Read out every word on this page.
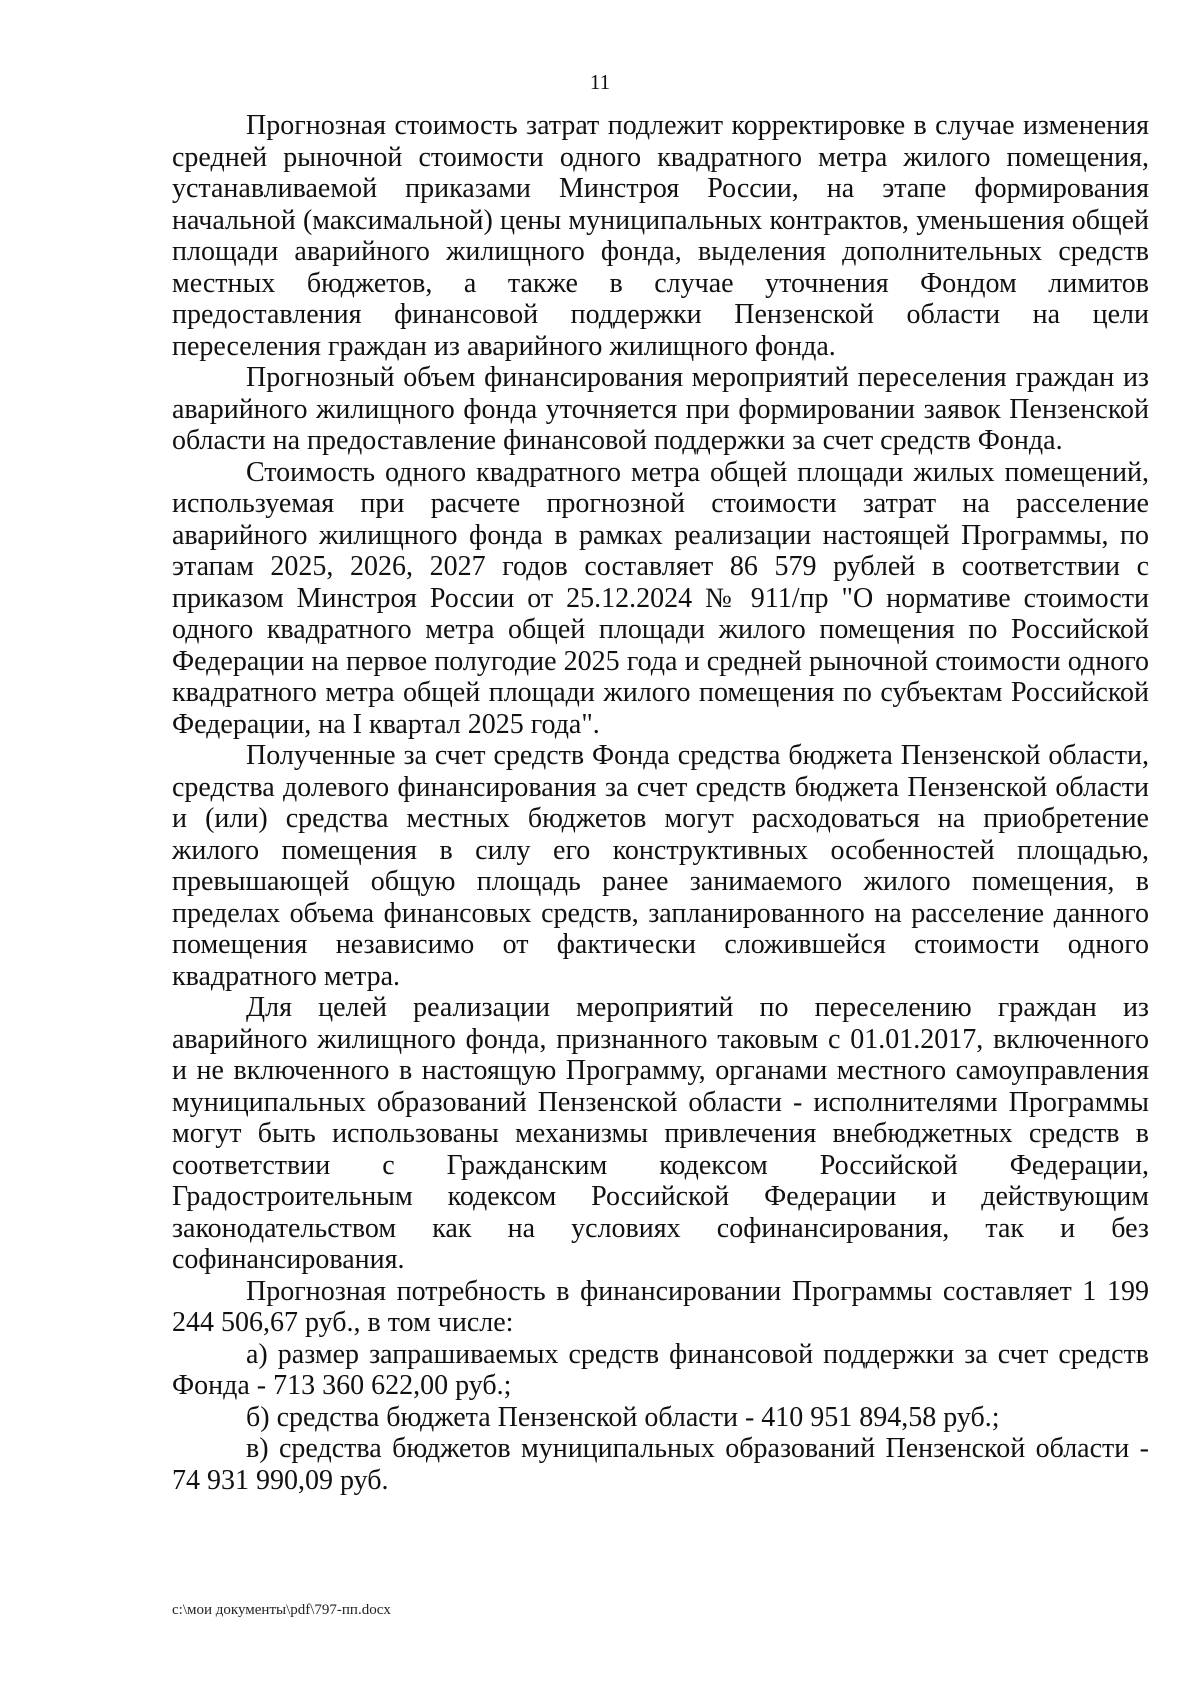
11

Прогнозная стоимость затрат подлежит корректировке в случае изменения средней рыночной стоимости одного квадратного метра жилого помещения, устанавливаемой приказами Минстроя России, на этапе формирования начальной (максимальной) цены муниципальных контрактов, уменьшения общей площади аварийного жилищного фонда, выделения дополнительных средств местных бюджетов, а также в случае уточнения Фондом лимитов предоставления финансовой поддержки Пензенской области на цели переселения граждан из аварийного жилищного фонда.

Прогнозный объем финансирования мероприятий переселения граждан из аварийного жилищного фонда уточняется при формировании заявок Пензенской области на предоставление финансовой поддержки за счет средств Фонда.

Стоимость одного квадратного метра общей площади жилых помещений, используемая при расчете прогнозной стоимости затрат на расселение аварийного жилищного фонда в рамках реализации настоящей Программы, по этапам 2025, 2026, 2027 годов составляет 86 579 рублей в соответствии с приказом Минстроя России от 25.12.2024 № 911/пр "О нормативе стоимости одного квадратного метра общей площади жилого помещения по Российской Федерации на первое полугодие 2025 года и средней рыночной стоимости одного квадратного метра общей площади жилого помещения по субъектам Российской Федерации, на I квартал 2025 года".

Полученные за счет средств Фонда средства бюджета Пензенской области, средства долевого финансирования за счет средств бюджета Пензенской области и (или) средства местных бюджетов могут расходоваться на приобретение жилого помещения в силу его конструктивных особенностей площадью, превышающей общую площадь ранее занимаемого жилого помещения, в пределах объема финансовых средств, запланированного на расселение данного помещения независимо от фактически сложившейся стоимости одного квадратного метра.

Для целей реализации мероприятий по переселению граждан из аварийного жилищного фонда, признанного таковым с 01.01.2017, включенного и не включенного в настоящую Программу, органами местного самоуправления муниципальных образований Пензенской области - исполнителями Программы могут быть использованы механизмы привлечения внебюджетных средств в соответствии с Гражданским кодексом Российской Федерации, Градостроительным кодексом Российской Федерации и действующим законодательством как на условиях софинансирования, так и без софинансирования.

Прогнозная потребность в финансировании Программы составляет 1 199 244 506,67 руб., в том числе:

а) размер запрашиваемых средств финансовой поддержки за счет средств Фонда - 713 360 622,00 руб.;

б) средства бюджета Пензенской области - 410 951 894,58 руб.;

в) средства бюджетов муниципальных образований Пензенской области - 74 931 990,09 руб.

c:\мои документы\pdf\797-пп.docx
